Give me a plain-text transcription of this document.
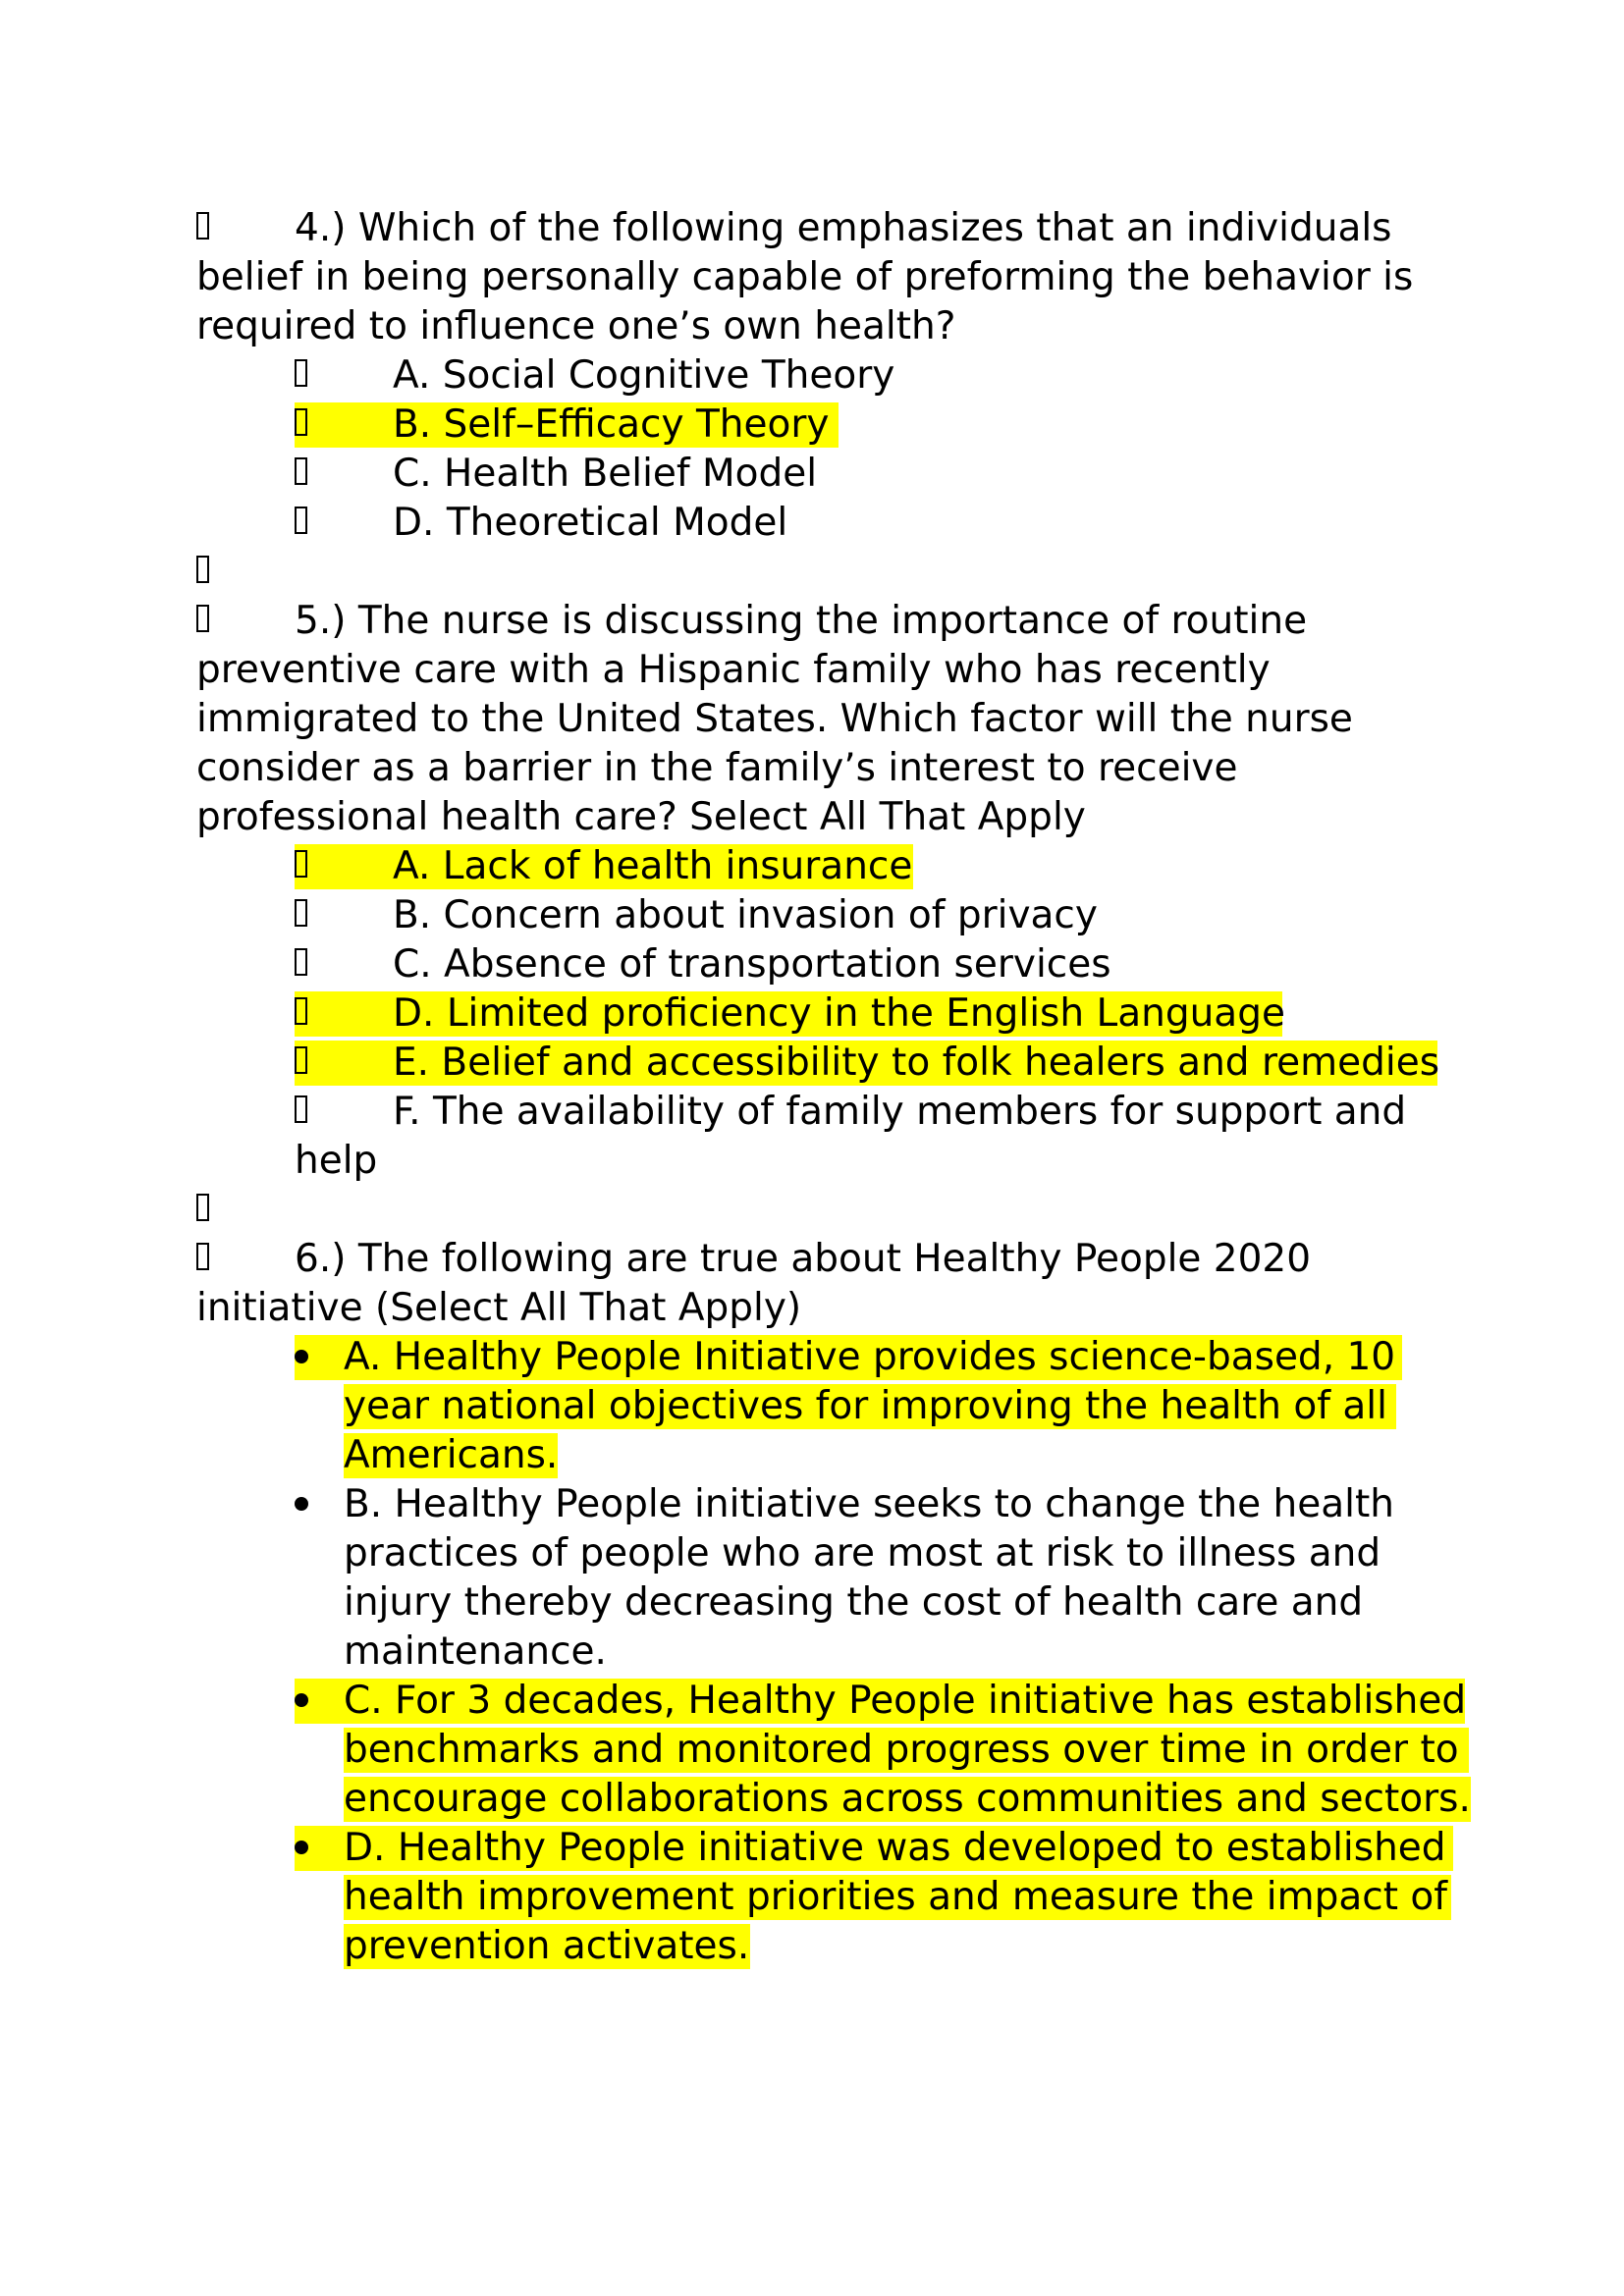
4.) Which of the following emphasizes that an individuals
belief in being personally capable of preforming the behavior is
required to influence one’s own health?
A. Social Cognitive Theory
B. Self–Efficacy Theory
C. Health Belief Model
D. Theoretical Model
5.) The nurse is discussing the importance of routine
preventive care with a Hispanic family who has recently
immigrated to the United States. Which factor will the nurse
consider as a barrier in the family’s interest to receive
professional health care? Select All That Apply
A. Lack of health insurance
B. Concern about invasion of privacy
C. Absence of transportation services
D. Limited proficiency in the English Language
E. Belief and accessibility to folk healers and remedies
F. The availability of family members for support and
help
6.) The following are true about Healthy People 2020
initiative (Select All That Apply)
A. Healthy People Initiative provides science-based, 10
year national objectives for improving the health of all
Americans.
B. Healthy People initiative seeks to change the health
practices of people who are most at risk to illness and
injury thereby decreasing the cost of health care and
maintenance.
C. For 3 decades, Healthy People initiative has established
benchmarks and monitored progress over time in order to
encourage collaborations across communities and sectors.
D. Healthy People initiative was developed to established
health improvement priorities and measure the impact of
prevention activates.
